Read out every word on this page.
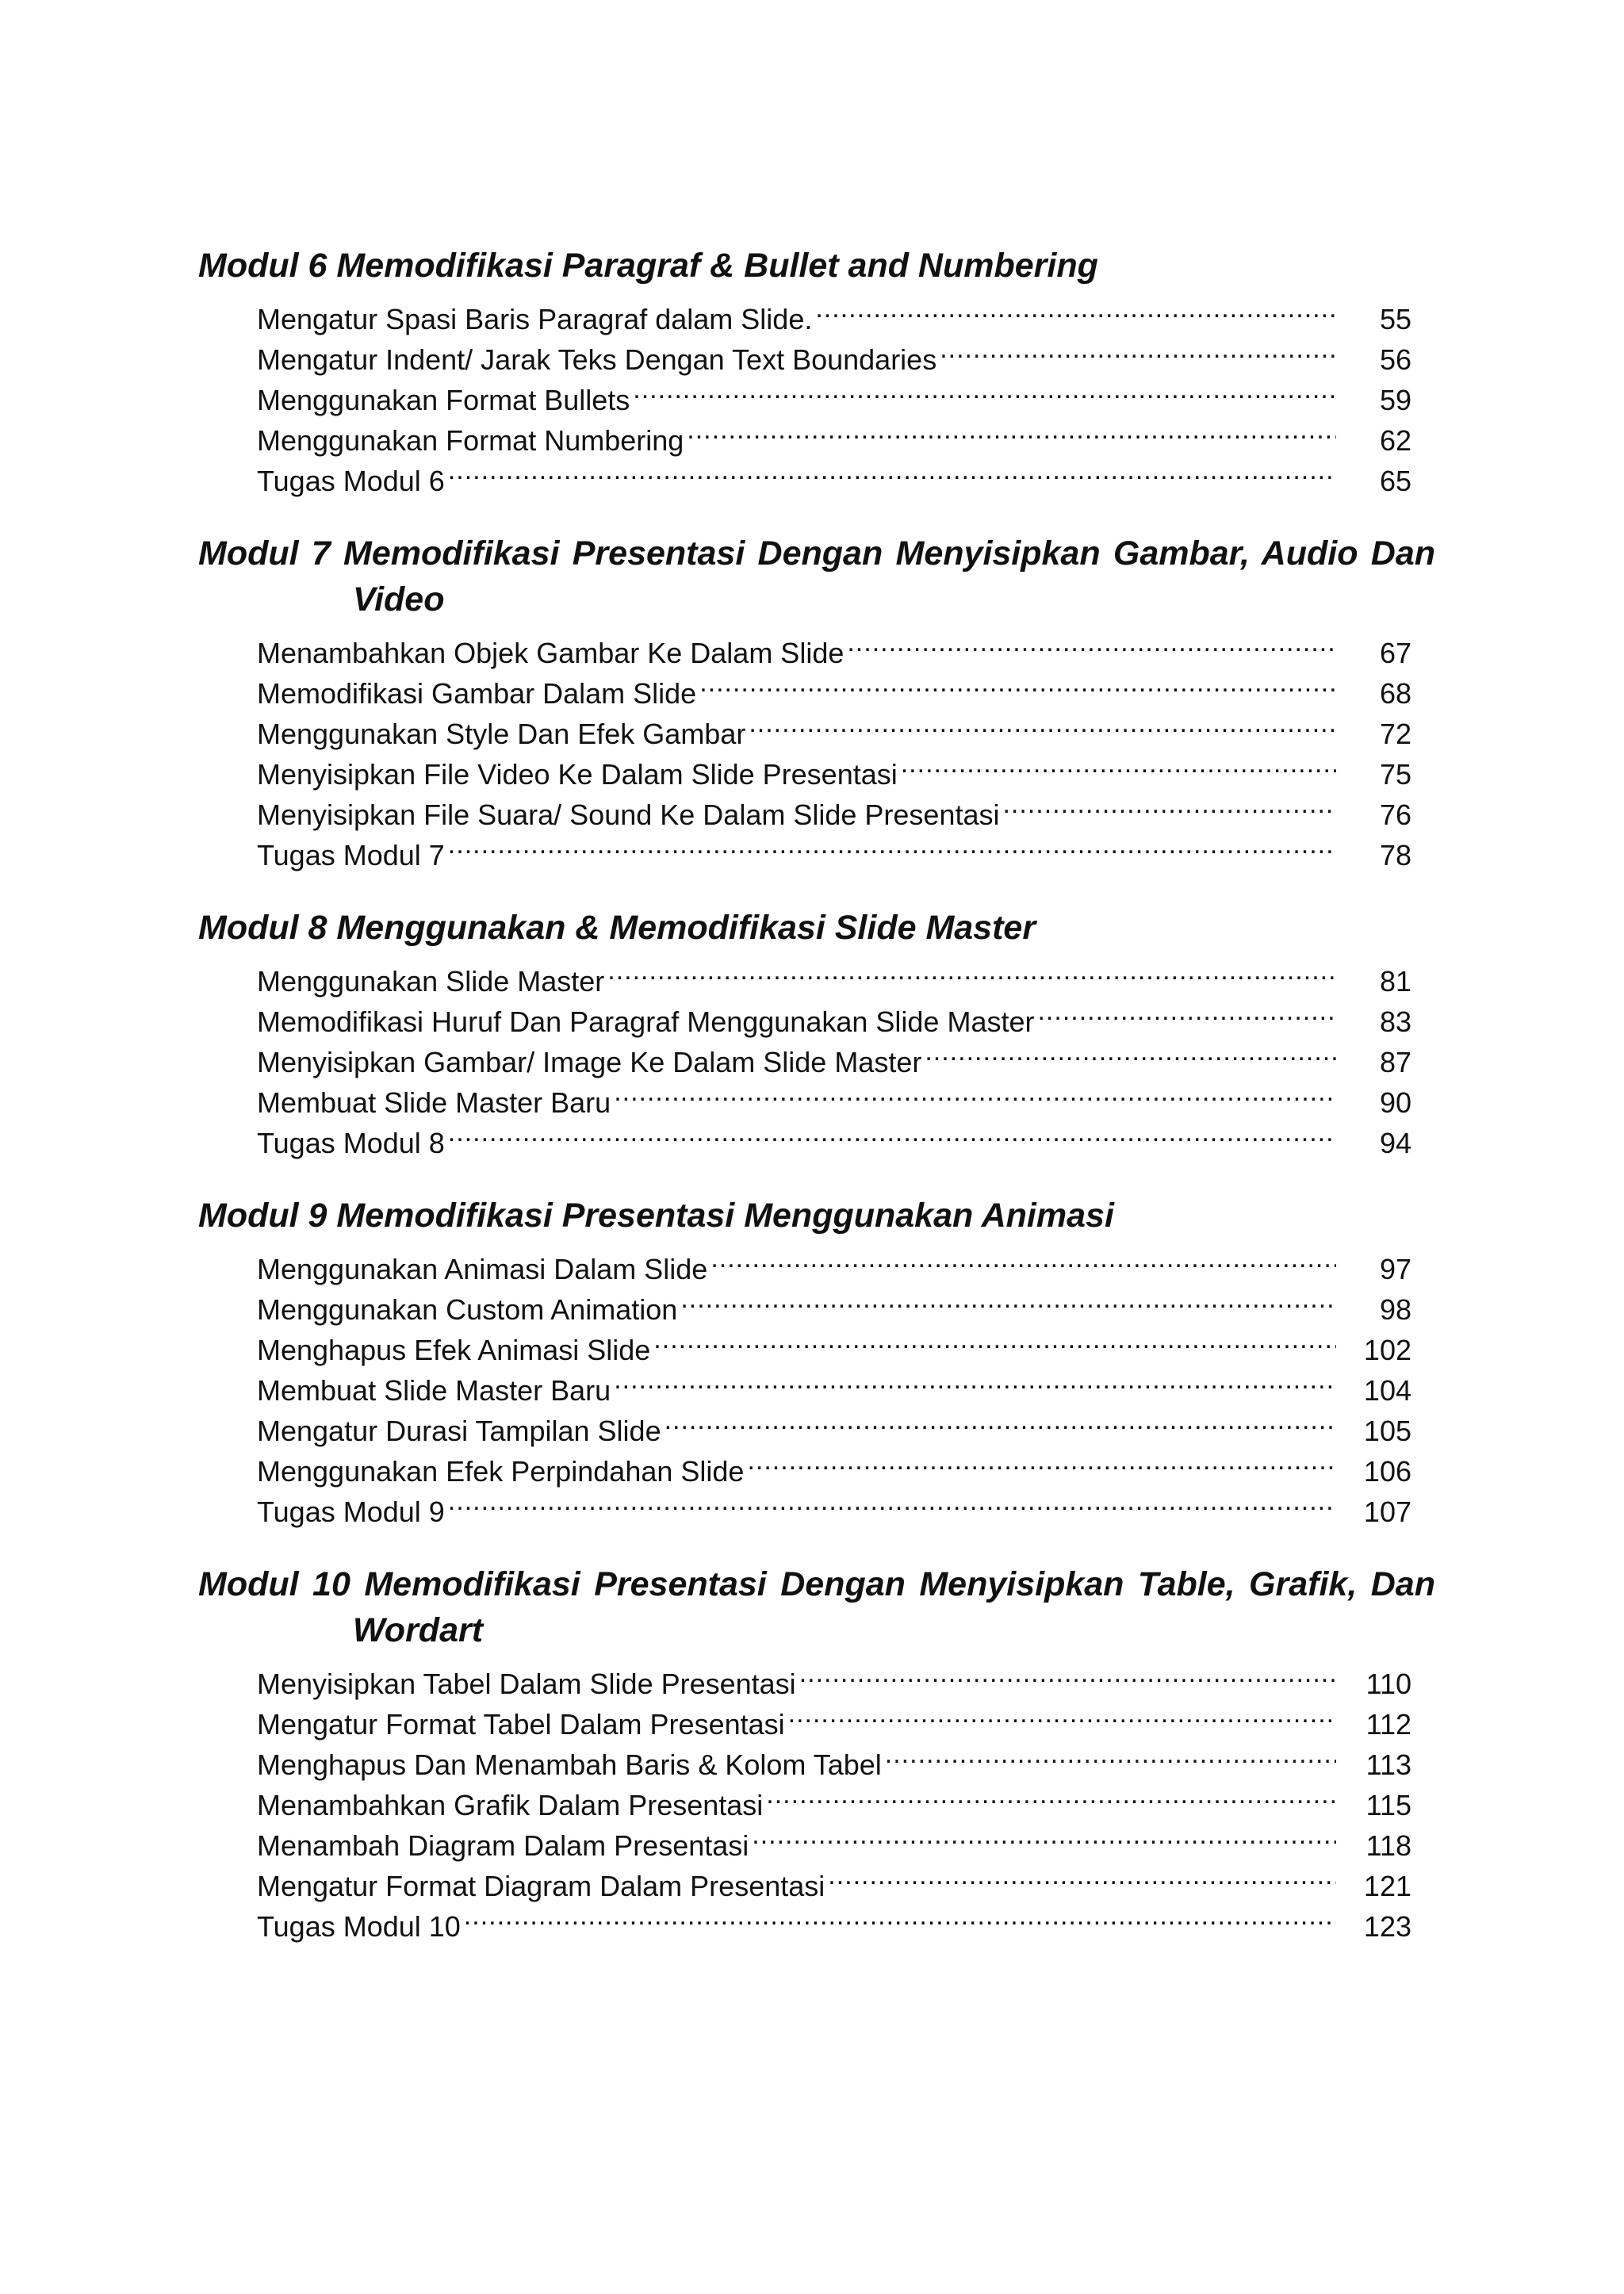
Modul 6 Memodifikasi Paragraf & Bullet and Numbering
Mengatur Spasi Baris Paragraf dalam Slide. .....	55
Mengatur Indent/ Jarak Teks Dengan Text Boundaries .....	56
Menggunakan Format Bullets .....	59
Menggunakan Format Numbering .....	62
Tugas Modul 6 .....	65
Modul 7 Memodifikasi Presentasi Dengan Menyisipkan Gambar, Audio Dan Video
Menambahkan Objek Gambar Ke Dalam Slide .....	67
Memodifikasi Gambar Dalam Slide .....	68
Menggunakan Style Dan Efek Gambar .....	72
Menyisipkan File Video Ke Dalam Slide Presentasi .....	75
Menyisipkan File Suara/ Sound Ke Dalam Slide Presentasi .....	76
Tugas Modul 7 .....	78
Modul 8 Menggunakan & Memodifikasi Slide Master
Menggunakan Slide Master .....	81
Memodifikasi Huruf Dan Paragraf Menggunakan Slide Master .....	83
Menyisipkan Gambar/ Image Ke Dalam Slide Master .....	87
Membuat Slide Master Baru .....	90
Tugas Modul 8 .....	94
Modul 9 Memodifikasi Presentasi Menggunakan Animasi
Menggunakan Animasi Dalam Slide .....	97
Menggunakan Custom Animation .....	98
Menghapus Efek Animasi Slide .....	102
Membuat Slide Master Baru .....	104
Mengatur Durasi Tampilan Slide .....	105
Menggunakan Efek Perpindahan Slide .....	106
Tugas Modul 9 .....	107
Modul 10 Memodifikasi Presentasi Dengan Menyisipkan Table, Grafik, Dan Wordart
Menyisipkan Tabel Dalam Slide Presentasi .....	110
Mengatur Format Tabel Dalam Presentasi .....	112
Menghapus Dan Menambah Baris & Kolom Tabel .....	113
Menambahkan Grafik Dalam Presentasi .....	115
Menambah Diagram Dalam Presentasi .....	118
Mengatur Format Diagram Dalam Presentasi .....	121
Tugas Modul 10 .....	123
